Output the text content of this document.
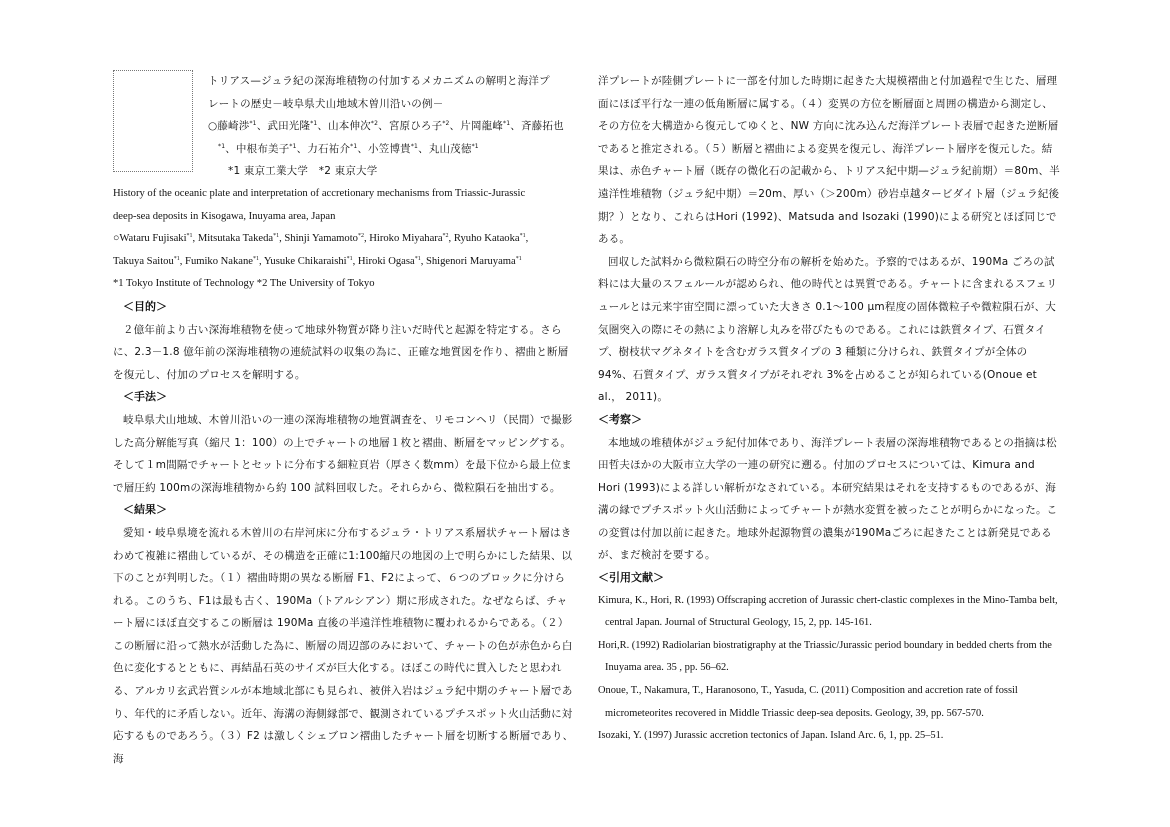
トリアス—ジュラ紀の深海堆積物の付加するメカニズムの解明と海洋プ

レートの歴史－岐阜県犬山地域木曽川沿いの例－

○藤崎渉$^{*1}$、武田光隆$^{*1}$、山本伸次$^{*2}$、宮原ひろ子$^{*2}$、片岡龍峰$^{*1}$、斉藤拓也

$^{*1}$、中根布美子$^{*1}$、力石祐介$^{*1}$、小笠博貴$^{*1}$、丸山茂徳$^{*1}$

*1 東京工業大学　*2 東京大学

History of the oceanic plate and interpretation of accretionary mechanisms from Triassic-Jurassic

deep-sea deposits in Kisogawa, Inuyama area, Japan

○Wataru Fujisaki$^{*1}$, Mitsutaka Takeda$^{*1}$, Shinji Yamamoto$^{*2}$, Hiroko Miyahara$^{*2}$, Ryuho Kataoka$^{*1}$,

Takuya Saitou$^{*1}$, Fumiko Nakane$^{*1}$, Yusuke Chikaraishi$^{*1}$, Hiroki Ogasa$^{*1}$, Shigenori Maruyama$^{*1}$

*1 Tokyo Institute of Technology *2 The University of Tokyo

＜目的＞

２億年前より古い深海堆積物を使って地球外物質が降り注いだ時代と起源を特定する。さらに、2.3－1.8 億年前の深海堆積物の連続試料の収集の為に、正確な地質図を作り、褶曲と断層を復元し、付加のプロセスを解明する。

＜手法＞

岐阜県犬山地域、木曽川沿いの一連の深海堆積物の地質調査を、リモコンヘリ（民間）で撮影した高分解能写真（縮尺 1：100）の上でチャートの地層１枚と褶曲、断層をマッピングする。そして１m間隔でチャートとセットに分布する細粒頁岩（厚さく数mm）を最下位から最上位まで層圧約 100mの深海堆積物から約 100 試料回収した。それらから、微粒隕石を抽出する。

＜結果＞

愛知・岐阜県境を流れる木曽川の右岸河床に分布するジュラ・トリアス系層状チャート層はきわめて複雑に褶曲しているが、その構造を正確に1:100縮尺の地図の上で明らかにした結果、以下のことが判明した。（１）褶曲時期の異なる断層 F1、F2によって、６つのブロックに分けられる。このうち、F1は最も古く、190Ma（トアルシアン）期に形成された。なぜならば、チャート層にほぼ直交するこの断層は 190Ma 直後の半遠洋性堆積物に覆われるからである。（２）この断層に沿って熱水が活動した為に、断層の周辺部のみにおいて、チャートの色が赤色から白色に変化するとともに、再結晶石英のサイズが巨大化する。ほぼこの時代に貫入したと思われる、アルカリ玄武岩質シルが本地域北部にも見られ、被併入岩はジュラ紀中期のチャート層であり、年代的に矛盾しない。近年、海溝の海側縁部で、観測されているプチスポット火山活動に対応するものであろう。（３）F2 は激しくシェブロン褶曲したチャート層を切断する断層であり、海

洋プレートが陸側プレートに一部を付加した時期に起きた大規模褶曲と付加過程で生じた、層理面にほぼ平行な一連の低角断層に属する。（４）変異の方位を断層面と周囲の構造から測定し、その方位を大構造から復元してゆくと、NW 方向に沈み込んだ海洋プレート表層で起きた逆断層であると推定される。（５）断層と褶曲による変異を復元し、海洋プレート層序を復元した。結果は、赤色チャート層（既存の微化石の記載から、トリアス紀中期—ジュラ紀前期）＝80m、半遠洋性堆積物（ジュラ紀中期）＝20m、厚い（＞200m）砂岩卓越タービダイト層（ジュラ紀後期？）となり、これらはHori (1992)、Matsuda and Isozaki (1990)による研究とほぼ同じである。

回収した試料から微粒隕石の時空分布の解析を始めた。予察的ではあるが、190Ma ごろの試料には大量のスフェルールが認められ、他の時代とは異質である。チャートに含まれるスフェリュールとは元来宇宙空間に漂っていた大きさ 0.1〜100 μm程度の固体微粒子や微粒隕石が、大気圏突入の際にその熱により溶解し丸みを帯びたものである。これには鉄質タイプ、石質タイプ、樹枝状マグネタイトを含むガラス質タイプの 3 種類に分けられ、鉄質タイプが全体の 94%、石質タイプ、ガラス質タイプがそれぞれ 3%を占めることが知られている(Onoue et al.， 2011)。

＜考察＞

本地域の堆積体がジュラ紀付加体であり、海洋プレート表層の深海堆積物であるとの指摘は松田哲夫ほかの大阪市立大学の一連の研究に遡る。付加のプロセスについては、Kimura and Hori (1993)による詳しい解析がなされている。本研究結果はそれを支持するものであるが、海溝の縁でプチスポット火山活動によってチャートが熱水変質を被ったことが明らかになった。この変質は付加以前に起きた。地球外起源物質の濃集が190Maごろに起きたことは新発見であるが、まだ検討を要する。

＜引用文献＞

Kimura, K., Hori, R. (1993) Offscraping accretion of Jurassic chert-clastic complexes in the Mino-Tamba belt, central Japan. Journal of Structural Geology, 15, 2, pp. 145-161.

Hori,R. (1992) Radiolarian biostratigraphy at the Triassic/Jurassic period boundary in bedded cherts from the Inuyama area. 35 , pp. 56–62.

Onoue, T., Nakamura, T., Haranosono, T., Yasuda, C. (2011) Composition and accretion rate of fossil micrometeorites recovered in Middle Triassic deep-sea deposits. Geology, 39, pp. 567-570.

Isozaki, Y. (1997) Jurassic accretion tectonics of Japan. Island Arc. 6, 1, pp. 25–51.
